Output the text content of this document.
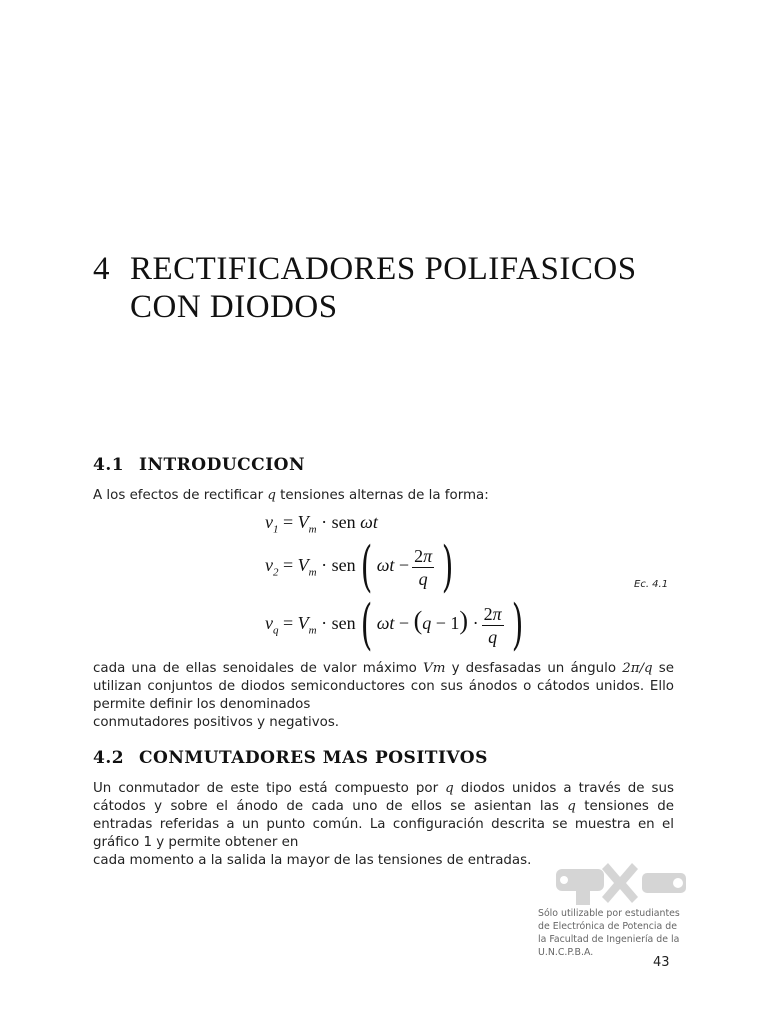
4 RECTIFICADORES POLIFASICOS
CON DIODOS
4.1 INTRODUCCION
A los efectos de rectificar q tensiones alternas de la forma:
$v_1 = V_m$ · sen ωt
$v_2 = V_m \cdot sen$( $\omega t - \frac{2\pi}{q}$ )	Ec. 4.1
$v_q = V_m \cdot sen$( $\omega t - (q - 1) \cdot \frac{2\pi}{q}$ )
cada una de ellas senoidales de valor máximo Vm y desfasadas un ángulo 2π/q se utilizan conjuntos de diodos semiconductores con sus ánodos o cátodos unidos. Ello permite definir los denominados
conmutadores positivos y negativos.
4.2 CONMUTADORES MAS POSITIVOS
Un conmutador de este tipo está compuesto por q diodos unidos a través de sus cátodos y sobre el ánodo de cada uno de ellos se asientan las q tensiones de entradas referidas a un punto común. La configuración descrita se muestra en el gráfico 1 y permite obtener en
cada momento a la salida la mayor de las tensiones de entradas.
Sólo utilizable por estudiantes
de Electrónica de Potencia de
la Facultad de Ingeniería de la
U.N.C.P.B.A.
43
